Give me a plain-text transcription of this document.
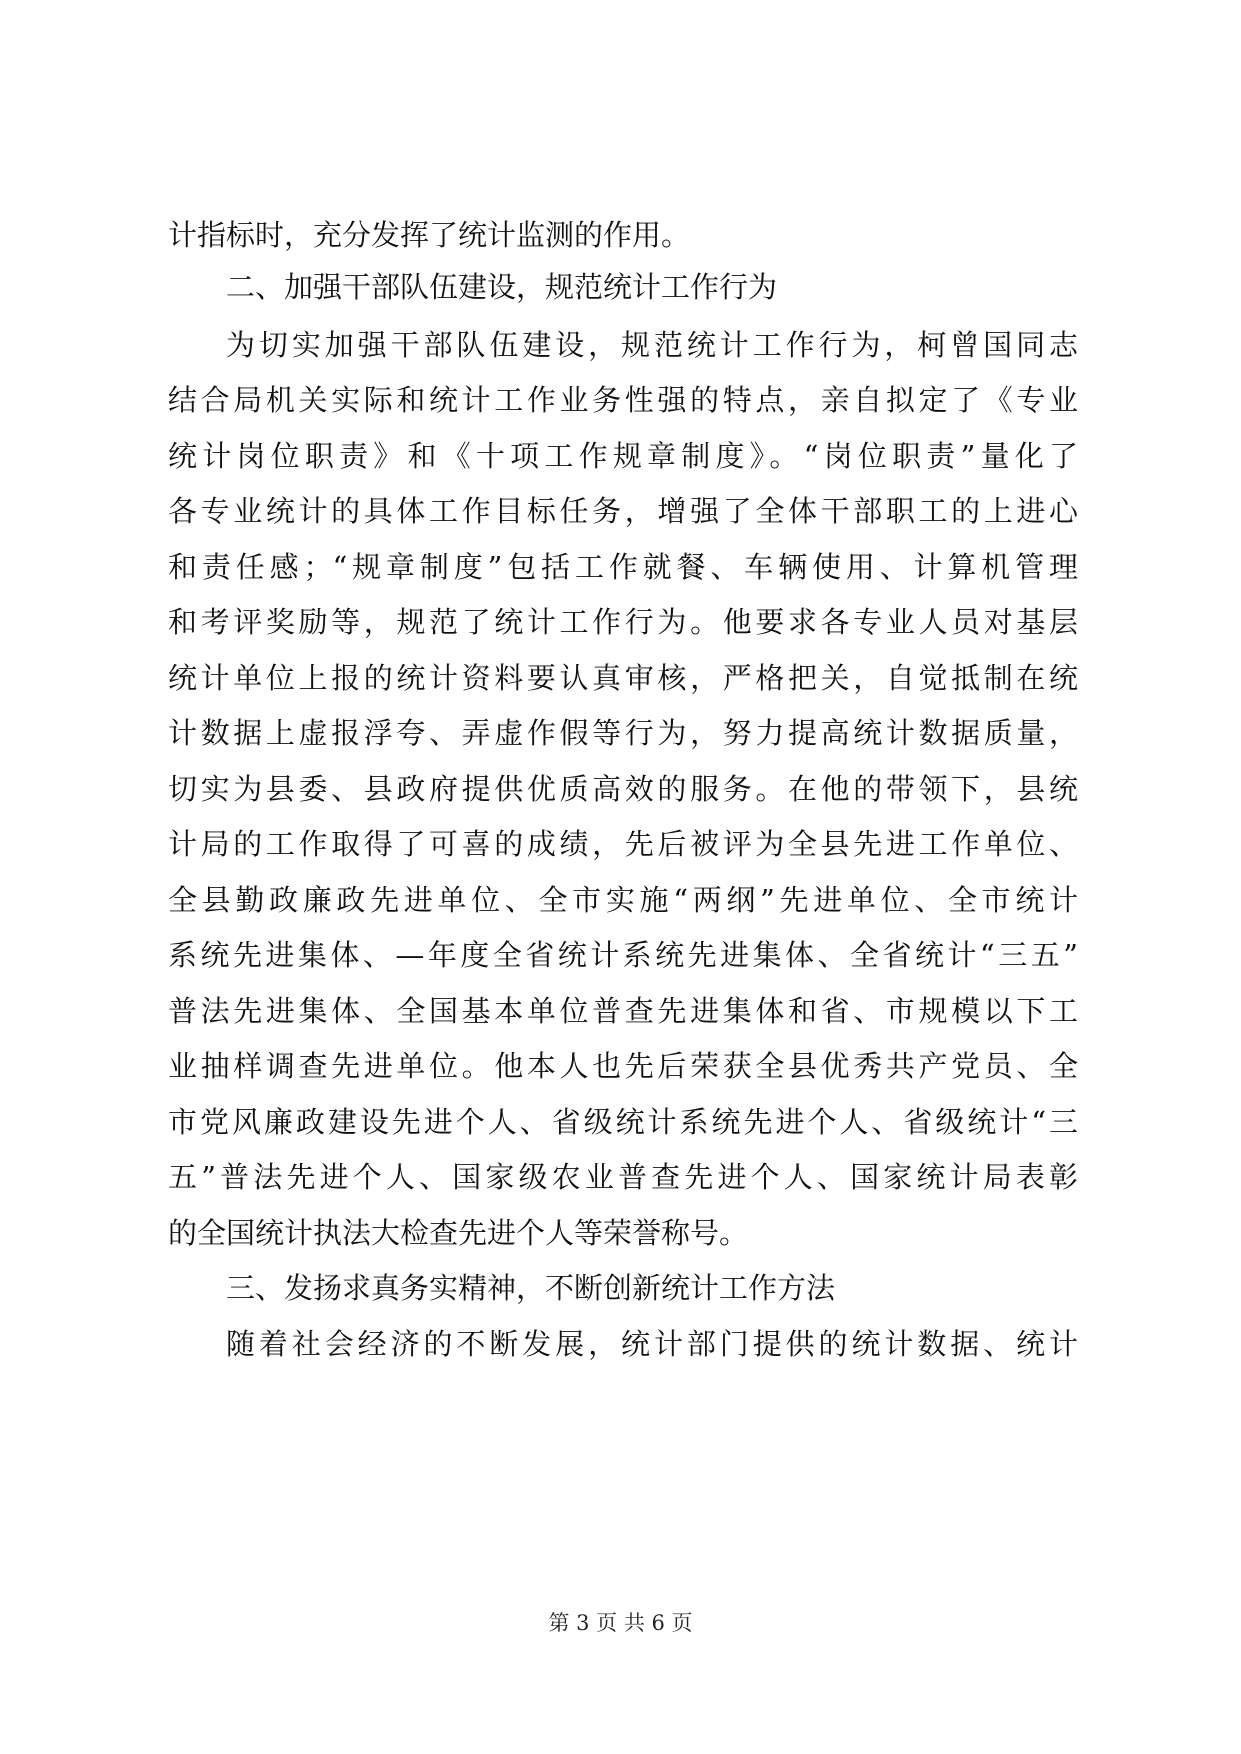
计指标时，充分发挥了统计监测的作用。
二、加强干部队伍建设，规范统计工作行为
为切实加强干部队伍建设，规范统计工作行为，柯曾国同志
结合局机关实际和统计工作业务性强的特点，亲自拟定了《专业
统计岗位职责》和《十项工作规章制度》。“岗位职责”量化了
各专业统计的具体工作目标任务，增强了全体干部职工的上进心
和责任感；“规章制度”包括工作就餐、车辆使用、计算机管理
和考评奖励等，规范了统计工作行为。他要求各专业人员对基层
统计单位上报的统计资料要认真审核，严格把关，自觉抵制在统
计数据上虚报浮夸、弄虚作假等行为，努力提高统计数据质量，
切实为县委、县政府提供优质高效的服务。在他的带领下，县统
计局的工作取得了可喜的成绩，先后被评为全县先进工作单位、
全县勤政廉政先进单位、全市实施“两纲”先进单位、全市统计
系统先进集体、—年度全省统计系统先进集体、全省统计“三五”
普法先进集体、全国基本单位普查先进集体和省、市规模以下工
业抽样调查先进单位。他本人也先后荣获全县优秀共产党员、全
市党风廉政建设先进个人、省级统计系统先进个人、省级统计“三
五”普法先进个人、国家级农业普查先进个人、国家统计局表彰
的全国统计执法大检查先进个人等荣誉称号。
三、发扬求真务实精神，不断创新统计工作方法
随着社会经济的不断发展，统计部门提供的统计数据、统计
第 3 页 共 6 页
